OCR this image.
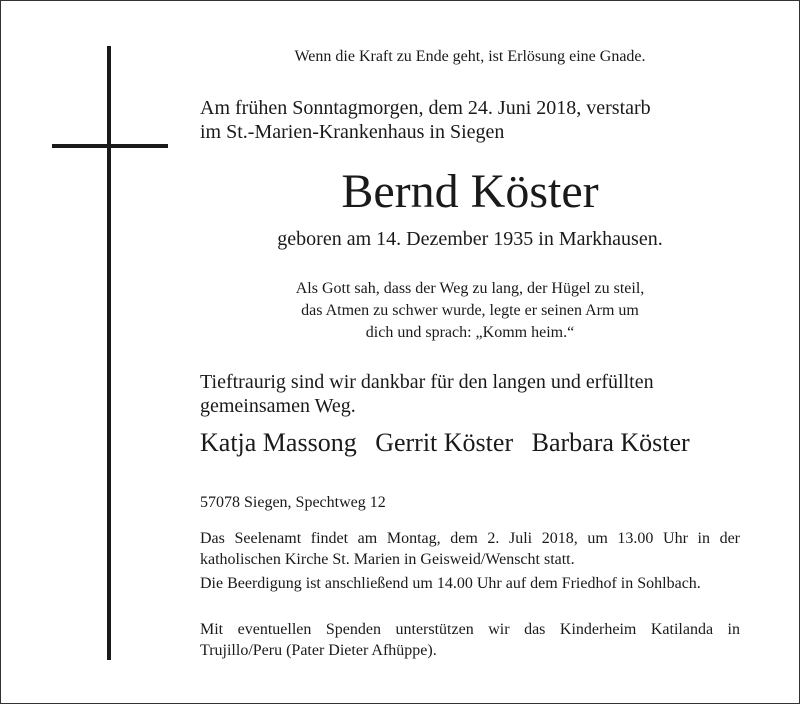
Wenn die Kraft zu Ende geht, ist Erlösung eine Gnade.
Am frühen Sonntagmorgen, dem 24. Juni 2018, verstarb
im St.-Marien-Krankenhaus in Siegen
Bernd Köster
geboren am 14. Dezember 1935 in Markhausen.
Als Gott sah, dass der Weg zu lang, der Hügel zu steil,
das Atmen zu schwer wurde, legte er seinen Arm um
dich und sprach: „Komm heim.“
Tieftraurig sind wir dankbar für den langen und erfüllten
gemeinsamen Weg.
Katja Massong Gerrit Köster Barbara Köster
57078 Siegen, Spechtweg 12
Das Seelenamt findet am Montag, dem 2. Juli 2018, um 13.00 Uhr in der katholischen Kirche St. Marien in Geisweid/Wenscht statt.
Die Beerdigung ist anschließend um 14.00 Uhr auf dem Friedhof in Sohlbach.
Mit eventuellen Spenden unterstützen wir das Kinderheim Katilanda in Trujillo/Peru (Pater Dieter Afhüppe).
